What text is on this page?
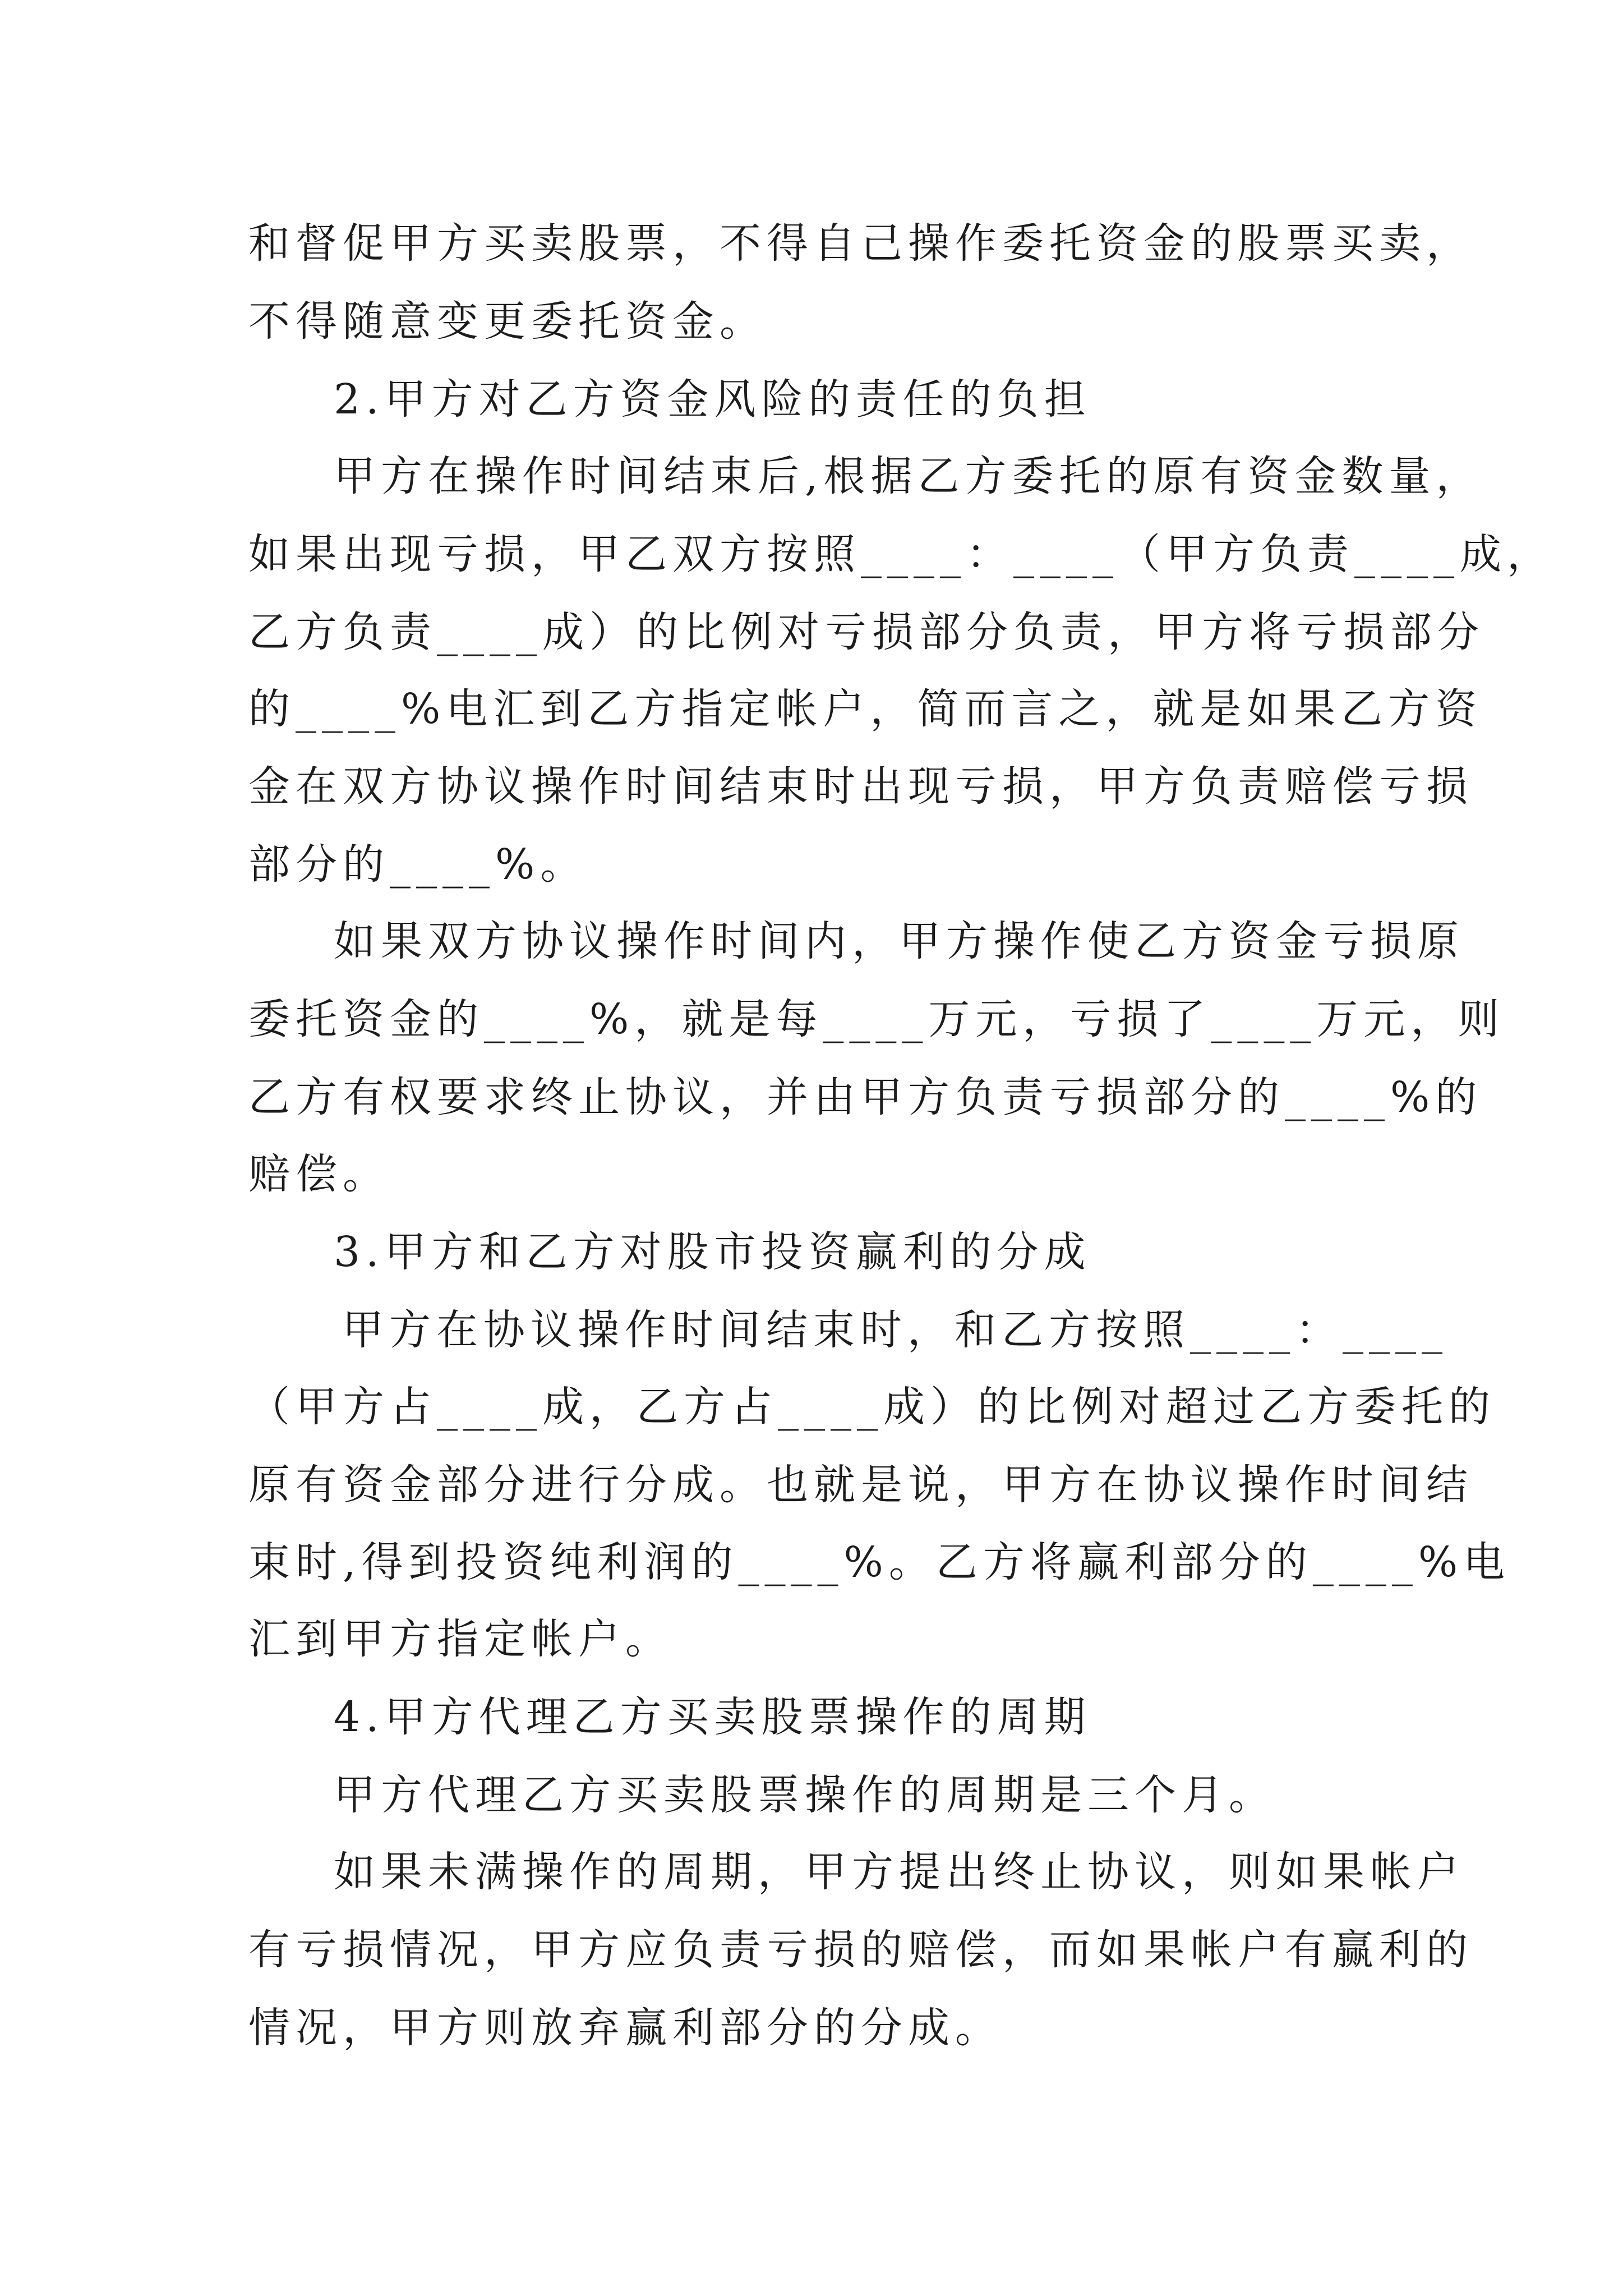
和督促甲方买卖股票，不得自己操作委托资金的股票买卖，
不得随意变更委托资金。
2.甲方对乙方资金风险的责任的负担
甲方在操作时间结束后,根据乙方委托的原有资金数量，
如果出现亏损，甲乙双方按照____：____（甲方负责____成，
乙方负责____成）的比例对亏损部分负责，甲方将亏损部分
的____%电汇到乙方指定帐户，简而言之，就是如果乙方资
金在双方协议操作时间结束时出现亏损，甲方负责赔偿亏损
部分的____%。
如果双方协议操作时间内，甲方操作使乙方资金亏损原
委托资金的____%，就是每____万元，亏损了____万元，则
乙方有权要求终止协议，并由甲方负责亏损部分的____%的
赔偿。
3.甲方和乙方对股市投资赢利的分成
甲方在协议操作时间结束时，和乙方按照____：____
（甲方占____成，乙方占____成）的比例对超过乙方委托的
原有资金部分进行分成。也就是说，甲方在协议操作时间结
束时,得到投资纯利润的____%。乙方将赢利部分的____%电
汇到甲方指定帐户。
4.甲方代理乙方买卖股票操作的周期
甲方代理乙方买卖股票操作的周期是三个月。
如果未满操作的周期，甲方提出终止协议，则如果帐户
有亏损情况，甲方应负责亏损的赔偿，而如果帐户有赢利的
情况，甲方则放弃赢利部分的分成。
